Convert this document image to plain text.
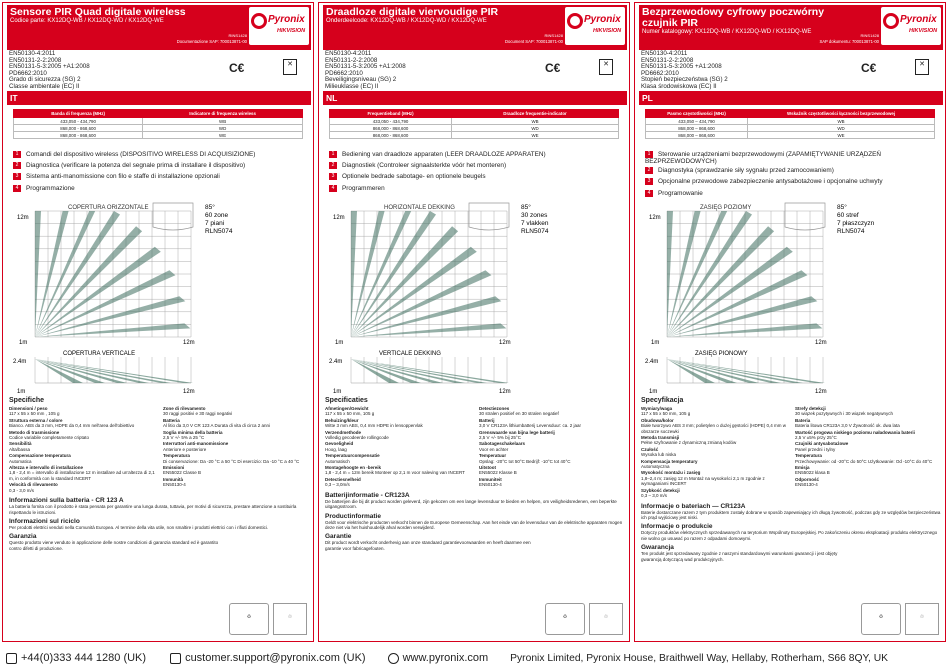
+44(0)333 444 1280 (UK)	customer.support@pyronix.com (UK)	www.pyronix.com Pyronix Limited, Pyronix House, Braithwell Way, Hellaby, Rotherham, S66 8QY, UK
Sensore PIR Quad digitale wireless
Codice parte: KX12DQ-WB / KX12DQ-WD / KX12DQ-WE
RINS1428
Documentazione SAP: 700013871-00
Pyronix
HIKVISION
EN50130-4:2011
EN50131-2-2:2008
EN50131-5-3:2005 +A1:2008
PD6662:2010
Grado di sicurezza (SG) 2
Classe ambientale (EC) II
C€	✕
IT
Banda di frequenza (MHz)	Indicatore di frequenza wireless
433,050 - 434,790	WB
868,000 - 868,600	WD
868,000 - 868,600	WE
1 Comandi del dispositivo wireless (DISPOSITIVO WIRELESS DI ACQUISIZIONE)
2 Diagnostica (verificare la potenza del segnale prima di installare il dispositivo)
3 Sistema anti-manomissione con filo e staffe di installazione opzionali
4 Programmazione
12m
COPERTURA ORIZZONTALE	85°
60 zone
7 piani
RLN5074
1m	12m
COPERTURA VERTICALE
2.4m
1m	12m
Specifiche

Dimensioni / peso
117 x 55 x 50 mm , 105 g

Struttura esterna / colore
Bianco. ABS da 3 mm, HDPE da 0,4 mm nell'area dell'obiettivo

Metodo di trasmissione
Codice variabile completamente criptato

Sensibilità
Alta/bassa

Compensazione temperatura
Automatica

Altezza e intervallo di installazione
1,8 - 2,4 m = intervallo di installazione 12 m installare ad un'altezza di 2,1 m, in conformità con lo standard INCERT

Velocità di rilevamento
0,3 - 3,0 m/s

Zone di rilevamento
30 raggi positivi e 30 raggi negativi

Batteria
Al litio da 3,0 V CR 123 A Durata di vita di circa 2 anni

Soglia minima della batteria
2,5 V +/- 5% a 25 °C

Interruttori anti-manomissione
Anteriore e posteriore

Temperatura
Di conservazione: Da -20 °C a 50 °C Di esercizio: Da -10 °C a 40 °C

Emissioni
EN55022 Classe B

Immunità
EN50130-4

Informazioni sulla batteria - CR 123 A

La batteria fornita con il prodotto è stata pensata per garantire una lunga durata, tuttavia, per motivi di sicurezza, prestare attenzione a sostituirla rispettando le istruzioni.

Informazioni sul riciclo

Per prodotti elettrici venduti nella Comunità Europea. Al termine della vita utile, non smaltire i prodotti elettrici con i rifiuti domestici.

Garanzia

Questo prodotto viene venduto in applicazione delle nostre condizioni di garanzia standard ed è garantito contro difetti di produzione.

♻	♲
Draadloze digitale viervoudige PIR
Onderdeelcode: KX12DQ-WB / KX12DQ-WD / KX12DQ-WE
RINS1428
Document SAP: 700013871-00
Pyronix
HIKVISION
EN50130-4:2011
EN50131-2-2:2008
EN50131-5-3:2005 +A1:2008
PD6662:2010
Beveiligingsniveau (SG) 2
Milieuklasse (EC) II
C€	✕
NL
Frequentieband (MHz)	Draadloze frequentie-indicator
433,050 - 434,790	WB
868,000 - 868,600	WD
868,000 - 868,600	WE
1 Bediening van draadloze apparaten (LEER DRAADLOZE APPARATEN)
2 Diagnostiek (Controleer signaalsterkte vóór het monteren)
3 Optionele bedrade sabotage- en optionele beugels
4 Programmeren
12m
HORIZONTALE DEKKING	85°
30 zones
7 vlakken
RLN5074
1m	12m
VERTICALE DEKKING
2.4m
1m	12m
Specificaties

Afmetingen/Gewicht
117 x 55 x 50 mm, 105 g

Behuizing/kleur
Witte 3 mm ABS, 0,4 mm HDPE in lensoppervlak

Verzendmethode
Volledig gecodeerde rollingcode

Gevoeligheid
Hoog, laag

Temperatuurcompensatie
Automatisch

Montagehoogte en -bereik
1,8 - 2,4 m = 12m bereik Monteer op 2,1 m voor naleving van INCERT

Detectiesnelheid
0,3 – 3,0m/s

Detectiezones
30 stralen positief en 30 stralen negatief

Batterij
3,0 V CR123A lithiumbatterij Levensduur: ca. 2 jaar

Grenswaarde van bijna lege batterij
2,5 V +/- 5% bij 25°C

Sabotageschakelaars
Voor en achter

Temperatuur
Opslag: -20°C tot 50°C Bedrijf: -10°C tot 40°C

Uitstoot
EN55022 Klasse B

Immuniteit
EN50130-4

Batterijinformatie - CR123A

De batterijen die bij dit product worden geleverd, zijn gekozen om een lange levensduur te bieden en helpen, om veiligheidsredenen, een beperkte uitgangsstroom.

Productinformatie

Geldt voor elektrische producten verkocht binnen de Europese Gemeenschap. Aan het einde van de levensduur van de elektrische apparaten mogen deze niet via het huishoudelijk afval worden verwijderd.

Garantie

Dit product wordt verkocht onderhevig aan onze standaard garantievoorwaarden en heeft daarmee een garantie voor fabricagefouten.

♻	♲
Bezprzewodowy cyfrowy poczwórny czujnik PIR
Numer katalogowy: KX12DQ-WB / KX12DQ-WD / KX12DQ-WE
RINS1428
SAP dokumentu: 700013871-00
Pyronix
HIKVISION
EN50130-4:2011
EN50131-2-2:2008
EN50131-5-3:2005 +A1:2008
PD6662:2010
Stopień bezpieczeństwa (SG) 2
Klasa środowiskowa (EC) II
C€	✕
PL
Pasmo częstotliwości (MHz)	Wskaźnik częstotliwości łączności bezprzewodowej
433,050 – 434,790	WB
868,000 – 868,600	WD
868,000 – 868,600	WE
1 Sterowanie urządzeniami bezprzewodowymi (ZAPAMIĘTYWANIE URZĄDZEŃ BEZPRZEWODOWYCH)
2 Diagnostyka (sprawdzanie siły sygnału przed zamocowaniem)
3 Opcjonalne przewodowe zabezpieczenie antysabotażowe i opcjonalne uchwyty
4 Programowanie
12m
ZASIĘG POZIOMY	85°
60 stref
7 płaszczyzn
RLN5074
1m	12m
ZASIĘG PIONOWY
2.4m
1m	12m
Specyfikacja

Wymiary/waga
117 x 55 x 50 mm, 105 g

Obudowa/kolor
Białe tworzywo ABS 3 mm; polietylen o dużej gęstości (HDPE) 0,4 mm w obszarze soczewki

Metoda transmisji
Pełne szyfrowanie z dynamiczną zmianą kodów

Czułość
Wysoka lub niska

Kompensacja temperatury
Automatyczna

Wysokość montażu i zasięg
1,8–2,4 m; zasięg 12 m Montaż na wysokości 2,1 m zgodnie z wymaganiami INCERT

Szybkość detekcji
0,3 – 3,0 m/s

Strefy detekcji
30 wiązek pozytywnych i 30 wiązek negatywnych

Bateria
Bateria litowa CR123A 3,0 V Żywotność ok. dwa lata

Wartość progowa niskiego poziomu naładowania baterii
2,5 V ±5% przy 25°C

Czujniki antysabotażowe
Panel przedni i tylny

Temperatura
Przechowywanie: od -20°C do 50°C Użytkowanie: Od -10°C do 40°C

Emisja
EN55022 klasa B

Odporność
EN50130-4

Informacje o bateriach — CR123A

Baterie dostarczane razem z tym produktem zostały dobrane w sposób zapewniający ich długą żywotność, podczas gdy ze względów bezpieczeństwa ich prąd wyjściowy jest niski.

Informacje o produkcie

Dotyczy produktów elektrycznych sprzedawanych na terytorium Wspólnoty Europejskiej. Po zakończeniu okresu eksploatacji produktu elektrycznego nie wolno go usuwać po razem z odpadami domowymi.

Gwarancja

Ten produkt jest sprzedawany zgodnie z naszymi standardowymi warunkami gwarancji i jest objęty gwarancją dotyczącą wad produkcyjnych.

♻	♲
